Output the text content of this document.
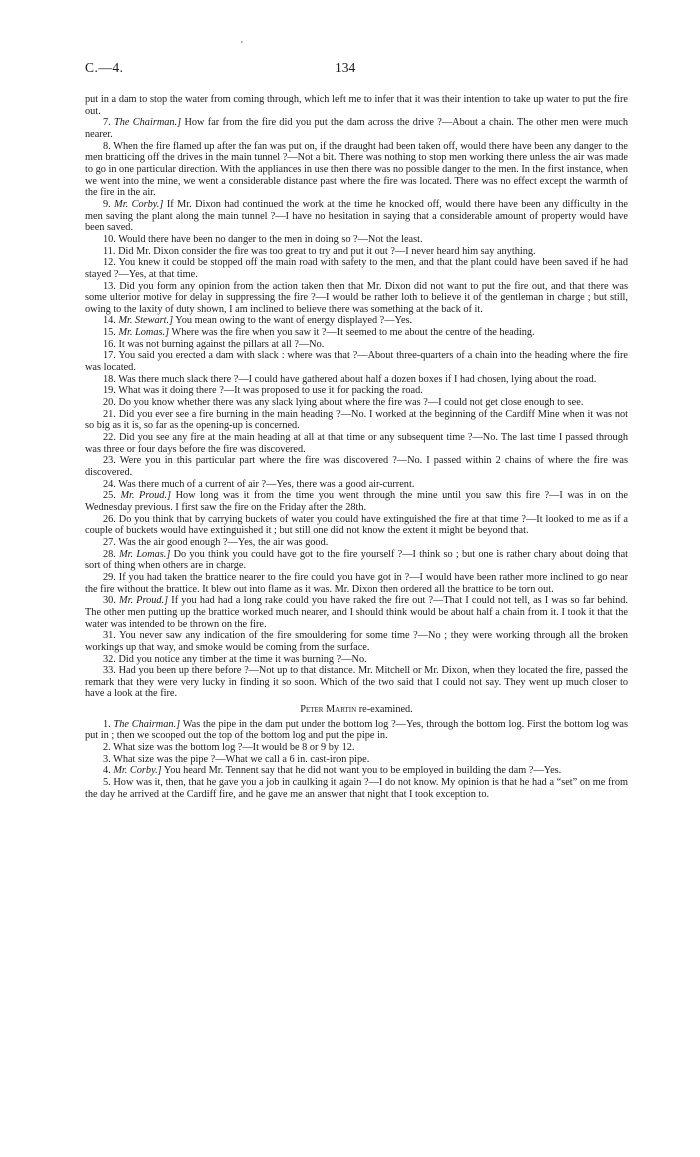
'
C.—4.	134

put in a dam to stop the water from coming through, which left me to infer that it was their intention to take up water to put the fire out.

7. The Chairman.] How far from the fire did you put the dam across the drive ?—About a chain. The other men were much nearer.

8. When the fire flamed up after the fan was put on, if the draught had been taken off, would there have been any danger to the men bratticing off the drives in the main tunnel ?—Not a bit. There was nothing to stop men working there unless the air was made to go in one particular direction. With the appliances in use then there was no possible danger to the men. In the first instance, when we went into the mine, we went a considerable distance past where the fire was located. There was no effect except the warmth of the fire in the air.

9. Mr. Corby.] If Mr. Dixon had continued the work at the time he knocked off, would there have been any difficulty in the men saving the plant along the main tunnel ?—I have no hesitation in saying that a considerable amount of property would have been saved.

10. Would there have been no danger to the men in doing so ?—Not the least.

11. Did Mr. Dixon consider the fire was too great to try and put it out ?—I never heard him say anything.

12. You knew it could be stopped off the main road with safety to the men, and that the plant could have been saved if he had stayed ?—Yes, at that time.

13. Did you form any opinion from the action taken then that Mr. Dixon did not want to put the fire out, and that there was some ulterior motive for delay in suppressing the fire ?—I would be rather loth to believe it of the gentleman in charge ; but still, owing to the laxity of duty shown, I am inclined to believe there was something at the back of it.

14. Mr. Stewart.] You mean owing to the want of energy displayed ?—Yes.

15. Mr. Lomas.] Where was the fire when you saw it ?—It seemed to me about the centre of the heading.

16. It was not burning against the pillars at all ?—No.

17. You said you erected a dam with slack : where was that ?—About three-quarters of a chain into the heading where the fire was located.

18. Was there much slack there ?—I could have gathered about half a dozen boxes if I had chosen, lying about the road.

19. What was it doing there ?—It was proposed to use it for packing the road.

20. Do you know whether there was any slack lying about where the fire was ?—I could not get close enough to see.

21. Did you ever see a fire burning in the main heading ?—No. I worked at the beginning of the Cardiff Mine when it was not so big as it is, so far as the opening-up is concerned.

22. Did you see any fire at the main heading at all at that time or any subsequent time ?—No. The last time I passed through was three or four days before the fire was discovered.

23. Were you in this particular part where the fire was discovered ?—No. I passed within 2 chains of where the fire was discovered.

24. Was there much of a current of air ?—Yes, there was a good air-current.

25. Mr. Proud.] How long was it from the time you went through the mine until you saw this fire ?—I was in on the Wednesday previous. I first saw the fire on the Friday after the 28th.

26. Do you think that by carrying buckets of water you could have extinguished the fire at that time ?—It looked to me as if a couple of buckets would have extinguished it ; but still one did not know the extent it might be beyond that.

27. Was the air good enough ?—Yes, the air was good.

28. Mr. Lomas.] Do you think you could have got to the fire yourself ?—I think so ; but one is rather chary about doing that sort of thing when others are in charge.

29. If you had taken the brattice nearer to the fire could you have got in ?—I would have been rather more inclined to go near the fire without the brattice. It blew out into flame as it was. Mr. Dixon then ordered all the brattice to be torn out.

30. Mr. Proud.] If you had had a long rake could you have raked the fire out ?—That I could not tell, as I was so far behind. The other men putting up the brattice worked much nearer, and I should think would be about half a chain from it. I took it that the water was intended to be thrown on the fire.

31. You never saw any indication of the fire smouldering for some time ?—No ; they were working through all the broken workings up that way, and smoke would be coming from the surface.

32. Did you notice any timber at the time it was burning ?—No.

33. Had you been up there before ?—Not up to that distance. Mr. Mitchell or Mr. Dixon, when they located the fire, passed the remark that they were very lucky in finding it so soon. Which of the two said that I could not say. They went up much closer to have a look at the fire.

Peter Martin re-examined.

1. The Chairman.] Was the pipe in the dam put under the bottom log ?—Yes, through the bottom log. First the bottom log was put in ; then we scooped out the top of the bottom log and put the pipe in.

2. What size was the bottom log ?—It would be 8 or 9 by 12.

3. What size was the pipe ?—What we call a 6 in. cast-iron pipe.

4. Mr. Corby.] You heard Mr. Tennent say that he did not want you to be employed in building the dam ?—Yes.

5. How was it, then, that he gave you a job in caulking it again ?—I do not know. My opinion is that he had a “set” on me from the day he arrived at the Cardiff fire, and he gave me an answer that night that I took exception to.
